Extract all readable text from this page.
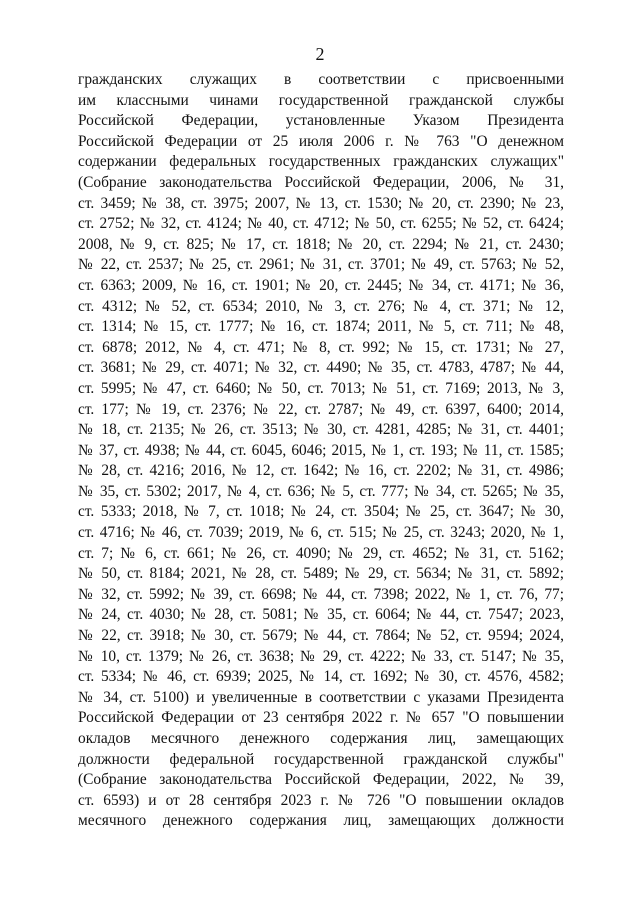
2
гражданских служащих в соответствии с присвоенными
им классными чинами государственной гражданской службы
Российской Федерации, установленные Указом Президента
Российской Федерации от 25 июля 2006 г. № 763 "О денежном
содержании федеральных государственных гражданских служащих"
(Собрание законодательства Российской Федерации, 2006, № 31,
ст. 3459; № 38, ст. 3975; 2007, № 13, ст. 1530; № 20, ст. 2390; № 23,
ст. 2752; № 32, ст. 4124; № 40, ст. 4712; № 50, ст. 6255; № 52, ст. 6424;
2008, № 9, ст. 825; № 17, ст. 1818; № 20, ст. 2294; № 21, ст. 2430;
№ 22, ст. 2537; № 25, ст. 2961; № 31, ст. 3701; № 49, ст. 5763; № 52,
ст. 6363; 2009, № 16, ст. 1901; № 20, ст. 2445; № 34, ст. 4171; № 36,
ст. 4312; № 52, ст. 6534; 2010, № 3, ст. 276; № 4, ст. 371; № 12,
ст. 1314; № 15, ст. 1777; № 16, ст. 1874; 2011, № 5, ст. 711; № 48,
ст. 6878; 2012, № 4, ст. 471; № 8, ст. 992; № 15, ст. 1731; № 27,
ст. 3681; № 29, ст. 4071; № 32, ст. 4490; № 35, ст. 4783, 4787; № 44,
ст. 5995; № 47, ст. 6460; № 50, ст. 7013; № 51, ст. 7169; 2013, № 3,
ст. 177; № 19, ст. 2376; № 22, ст. 2787; № 49, ст. 6397, 6400; 2014,
№ 18, ст. 2135; № 26, ст. 3513; № 30, ст. 4281, 4285; № 31, ст. 4401;
№ 37, ст. 4938; № 44, ст. 6045, 6046; 2015, № 1, ст. 193; № 11, ст. 1585;
№ 28, ст. 4216; 2016, № 12, ст. 1642; № 16, ст. 2202; № 31, ст. 4986;
№ 35, ст. 5302; 2017, № 4, ст. 636; № 5, ст. 777; № 34, ст. 5265; № 35,
ст. 5333; 2018, № 7, ст. 1018; № 24, ст. 3504; № 25, ст. 3647; № 30,
ст. 4716; № 46, ст. 7039; 2019, № 6, ст. 515; № 25, ст. 3243; 2020, № 1,
ст. 7; № 6, ст. 661; № 26, ст. 4090; № 29, ст. 4652; № 31, ст. 5162;
№ 50, ст. 8184; 2021, № 28, ст. 5489; № 29, ст. 5634; № 31, ст. 5892;
№ 32, ст. 5992; № 39, ст. 6698; № 44, ст. 7398; 2022, № 1, ст. 76, 77;
№ 24, ст. 4030; № 28, ст. 5081; № 35, ст. 6064; № 44, ст. 7547; 2023,
№ 22, ст. 3918; № 30, ст. 5679; № 44, ст. 7864; № 52, ст. 9594; 2024,
№ 10, ст. 1379; № 26, ст. 3638; № 29, ст. 4222; № 33, ст. 5147; № 35,
ст. 5334; № 46, ст. 6939; 2025, № 14, ст. 1692; № 30, ст. 4576, 4582;
№ 34, ст. 5100) и увеличенные в соответствии с указами Президента
Российской Федерации от 23 сентября 2022 г. № 657 "О повышении
окладов месячного денежного содержания лиц, замещающих
должности федеральной государственной гражданской службы"
(Собрание законодательства Российской Федерации, 2022, № 39,
ст. 6593) и от 28 сентября 2023 г. № 726 "О повышении окладов
месячного денежного содержания лиц, замещающих должности
